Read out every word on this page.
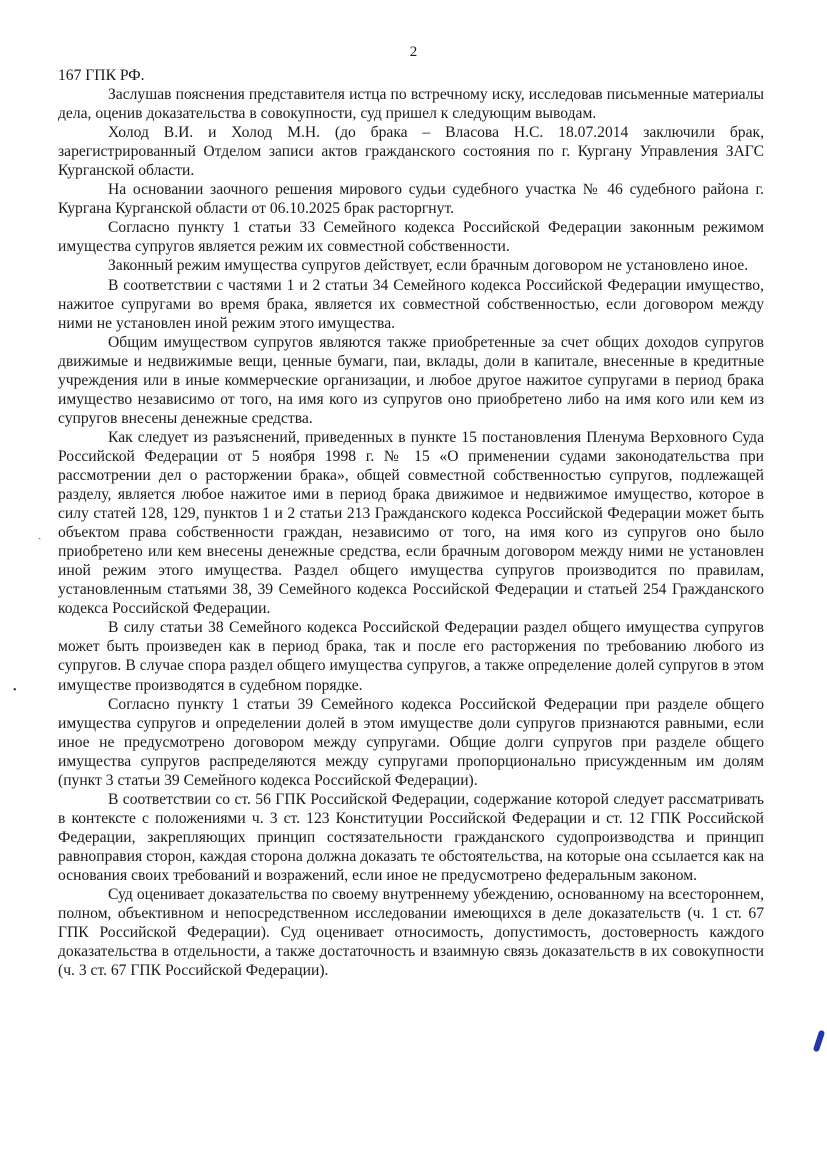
2

167 ГПК РФ.

Заслушав пояснения представителя истца по встречному иску, исследовав письменные материалы дела, оценив доказательства в совокупности, суд пришел к следующим выводам.

Холод В.И. и Холод М.Н. (до брака – Власова Н.С. 18.07.2014 заключили брак, зарегистрированный Отделом записи актов гражданского состояния по г. Кургану Управления ЗАГС Курганской области.

На основании заочного решения мирового судьи судебного участка № 46 судебного района г. Кургана Курганской области от 06.10.2025 брак расторгнут.

Согласно пункту 1 статьи 33 Семейного кодекса Российской Федерации законным режимом имущества супругов является режим их совместной собственности.

Законный режим имущества супругов действует, если брачным договором не установлено иное.

В соответствии с частями 1 и 2 статьи 34 Семейного кодекса Российской Федерации имущество, нажитое супругами во время брака, является их совместной собственностью, если договором между ними не установлен иной режим этого имущества.

Общим имуществом супругов являются также приобретенные за счет общих доходов супругов движимые и недвижимые вещи, ценные бумаги, паи, вклады, доли в капитале, внесенные в кредитные учреждения или в иные коммерческие организации, и любое другое нажитое супругами в период брака имущество независимо от того, на имя кого из супругов оно приобретено либо на имя кого или кем из супругов внесены денежные средства.

Как следует из разъяснений, приведенных в пункте 15 постановления Пленума Верховного Суда Российской Федерации от 5 ноября 1998 г. № 15 «О применении судами законодательства при рассмотрении дел о расторжении брака», общей совместной собственностью супругов, подлежащей разделу, является любое нажитое ими в период брака движимое и недвижимое имущество, которое в силу статей 128, 129, пунктов 1 и 2 статьи 213 Гражданского кодекса Российской Федерации может быть объектом права собственности граждан, независимо от того, на имя кого из супругов оно было приобретено или кем внесены денежные средства, если брачным договором между ними не установлен иной режим этого имущества. Раздел общего имущества супругов производится по правилам, установленным статьями 38, 39 Семейного кодекса Российской Федерации и статьей 254 Гражданского кодекса Российской Федерации.

В силу статьи 38 Семейного кодекса Российской Федерации раздел общего имущества супругов может быть произведен как в период брака, так и после его расторжения по требованию любого из супругов. В случае спора раздел общего имущества супругов, а также определение долей супругов в этом имуществе производятся в судебном порядке.

Согласно пункту 1 статьи 39 Семейного кодекса Российской Федерации при разделе общего имущества супругов и определении долей в этом имуществе доли супругов признаются равными, если иное не предусмотрено договором между супругами. Общие долги супругов при разделе общего имущества супругов распределяются между супругами пропорционально присужденным им долям (пункт 3 статьи 39 Семейного кодекса Российской Федерации).

В соответствии со ст. 56 ГПК Российской Федерации, содержание которой следует рассматривать в контексте с положениями ч. 3 ст. 123 Конституции Российской Федерации и ст. 12 ГПК Российской Федерации, закрепляющих принцип состязательности гражданского судопроизводства и принцип равноправия сторон, каждая сторона должна доказать те обстоятельства, на которые она ссылается как на основания своих требований и возражений, если иное не предусмотрено федеральным законом.

Суд оценивает доказательства по своему внутреннему убеждению, основанному на всестороннем, полном, объективном и непосредственном исследовании имеющихся в деле доказательств (ч. 1 ст. 67 ГПК Российской Федерации). Суд оценивает относимость, допустимость, достоверность каждого доказательства в отдельности, а также достаточность и взаимную связь доказательств в их совокупности (ч. 3 ст. 67 ГПК Российской Федерации).

ˎ
•
